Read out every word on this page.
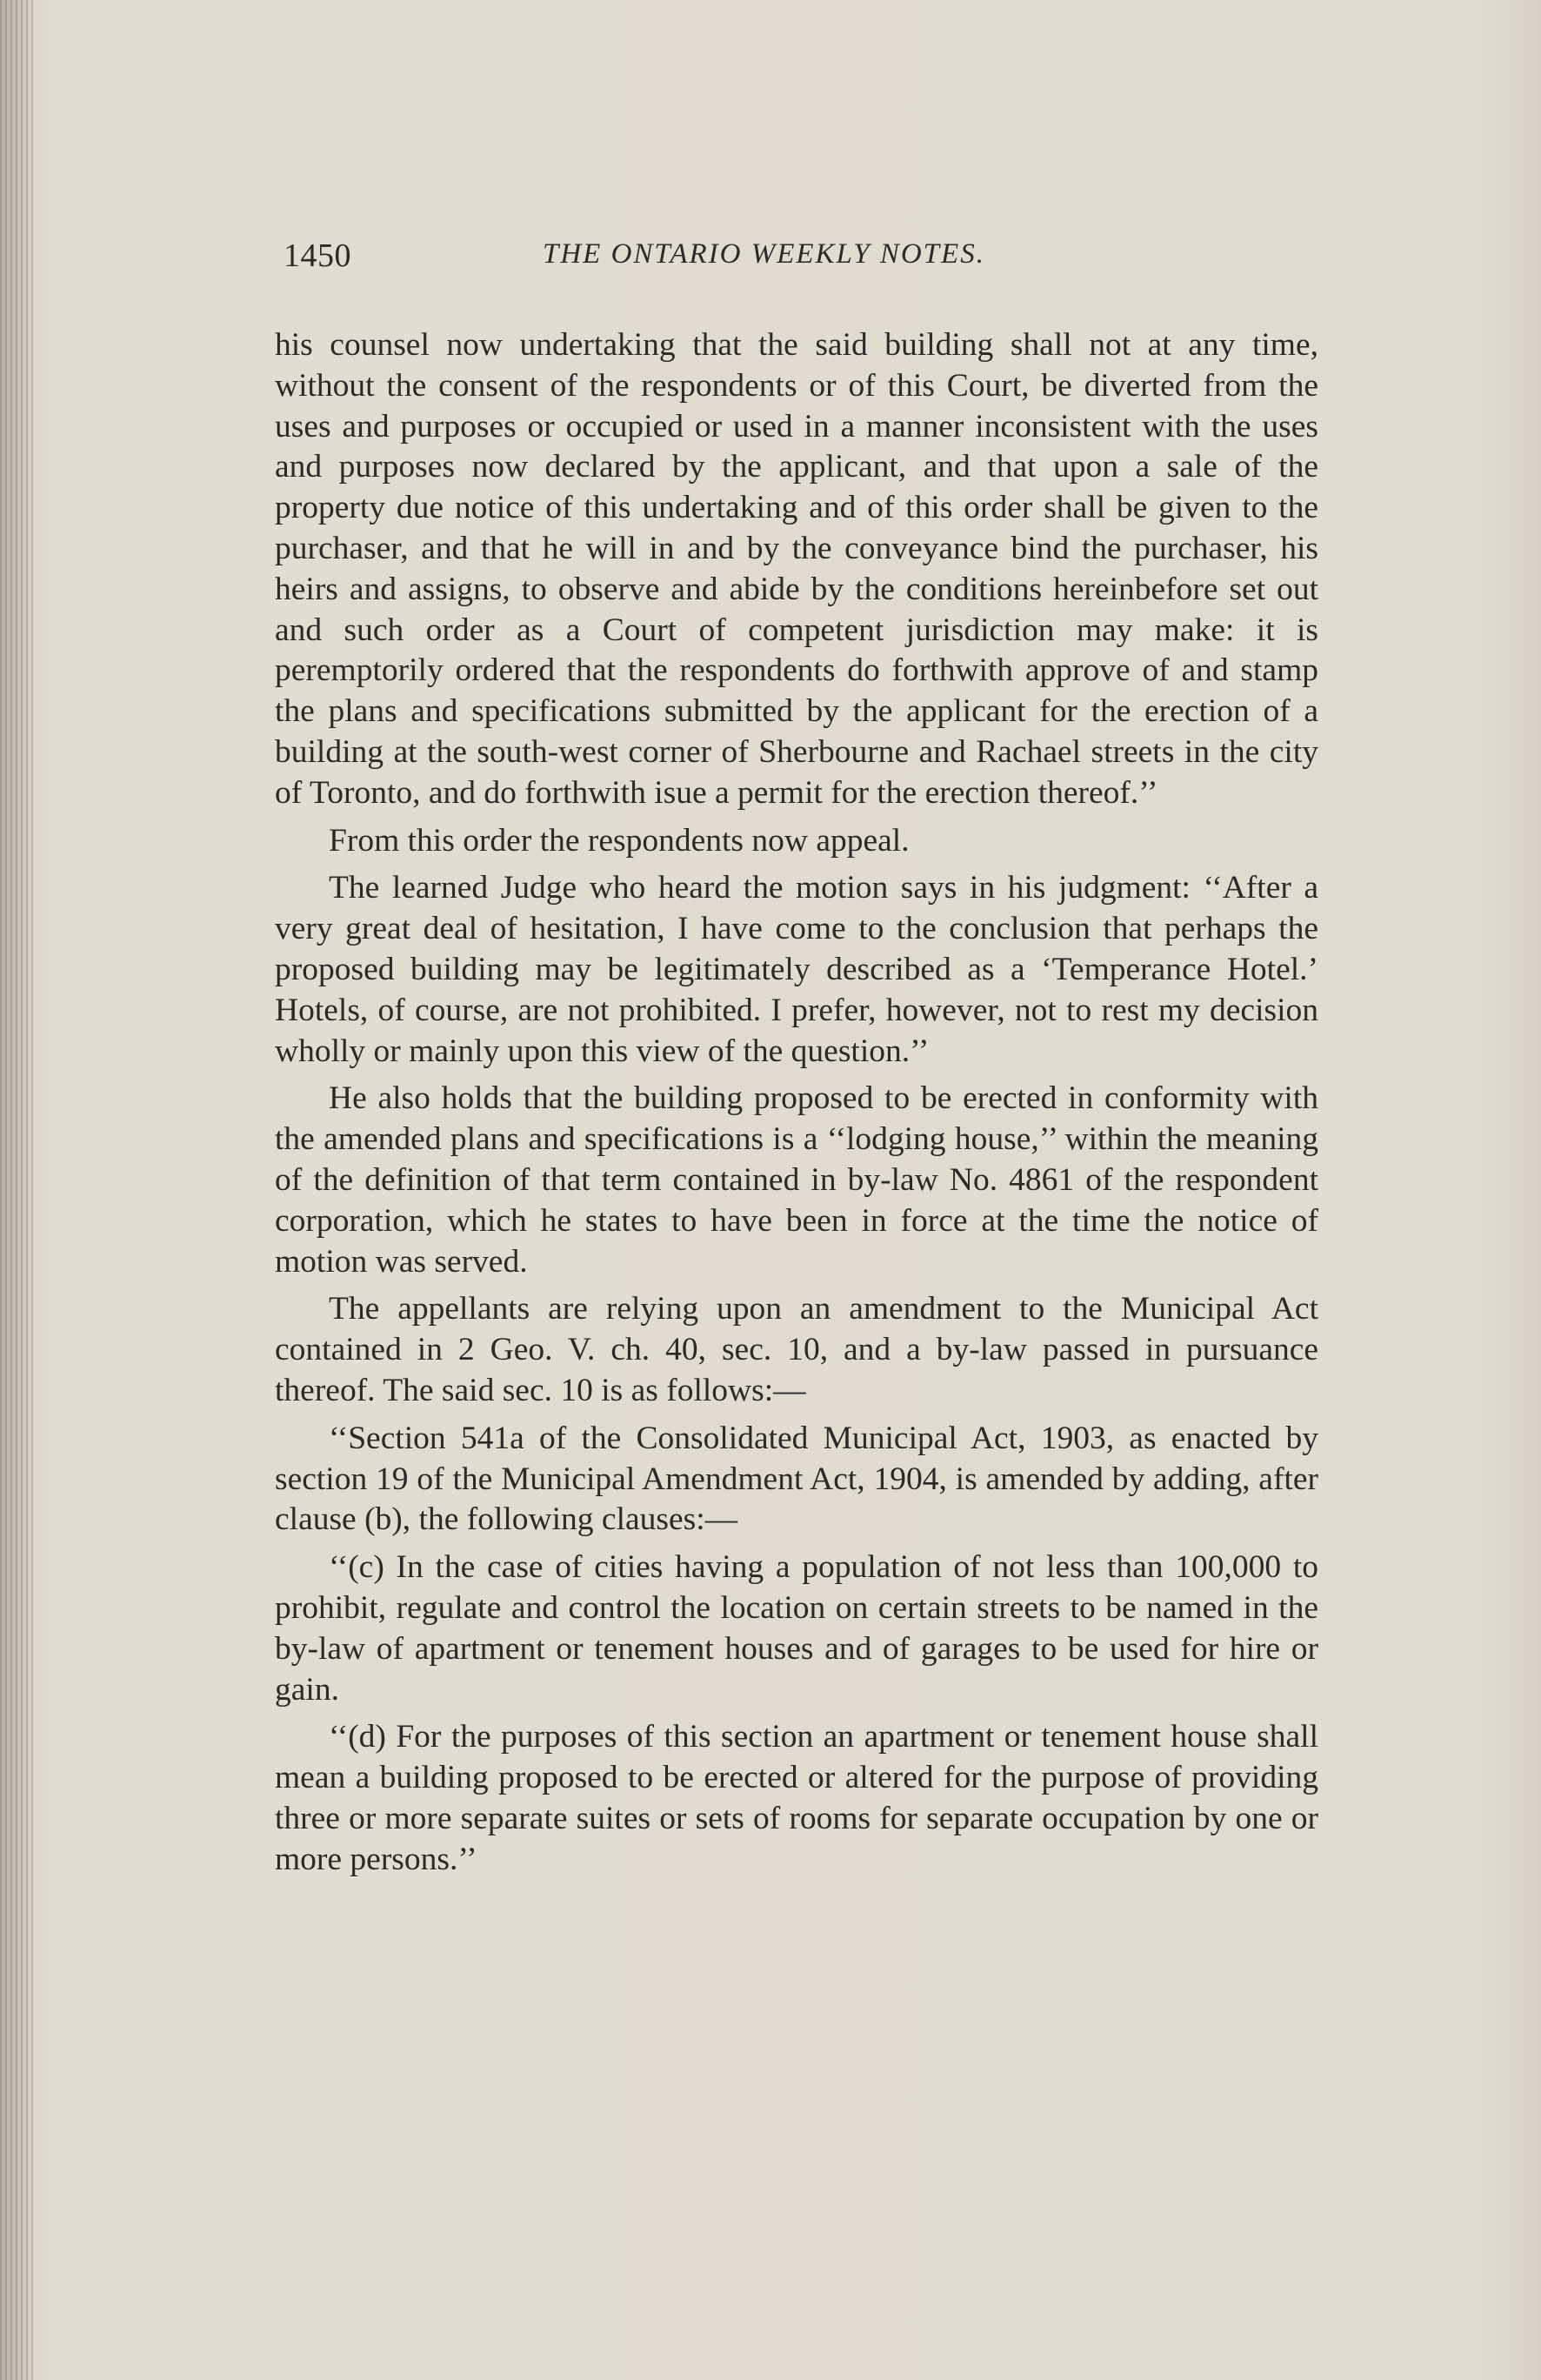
1450	THE ONTARIO WEEKLY NOTES.

his counsel now undertaking that the said building shall not at any time, without the consent of the respondents or of this Court, be diverted from the uses and purposes or occupied or used in a manner inconsistent with the uses and purposes now declared by the applicant, and that upon a sale of the property due notice of this undertaking and of this order shall be given to the purchaser, and that he will in and by the conveyance bind the purchaser, his heirs and assigns, to observe and abide by the conditions hereinbefore set out and such order as a Court of competent jurisdiction may make: it is peremptorily ordered that the respondents do forthwith approve of and stamp the plans and specifications submitted by the applicant for the erection of a building at the south-west corner of Sherbourne and Rachael streets in the city of Toronto, and do forthwith isue a permit for the erection thereof.’’

From this order the respondents now appeal.

The learned Judge who heard the motion says in his judgment: ‘‘After a very great deal of hesitation, I have come to the conclusion that perhaps the proposed building may be legitimately described as a ‘Temperance Hotel.’ Hotels, of course, are not prohibited. I prefer, however, not to rest my decision wholly or mainly upon this view of the question.’’

He also holds that the building proposed to be erected in conformity with the amended plans and specifications is a ‘‘lodging house,’’ within the meaning of the definition of that term contained in by-law No. 4861 of the respondent corporation, which he states to have been in force at the time the notice of motion was served.

The appellants are relying upon an amendment to the Municipal Act contained in 2 Geo. V. ch. 40, sec. 10, and a by-law passed in pursuance thereof. The said sec. 10 is as follows:—

‘‘Section 541a of the Consolidated Municipal Act, 1903, as enacted by section 19 of the Municipal Amendment Act, 1904, is amended by adding, after clause (b), the following clauses:—

‘‘(c) In the case of cities having a population of not less than 100,000 to prohibit, regulate and control the location on certain streets to be named in the by-law of apartment or tenement houses and of garages to be used for hire or gain.

‘‘(d) For the purposes of this section an apartment or tenement house shall mean a building proposed to be erected or altered for the purpose of providing three or more separate suites or sets of rooms for separate occupation by one or more persons.’’
